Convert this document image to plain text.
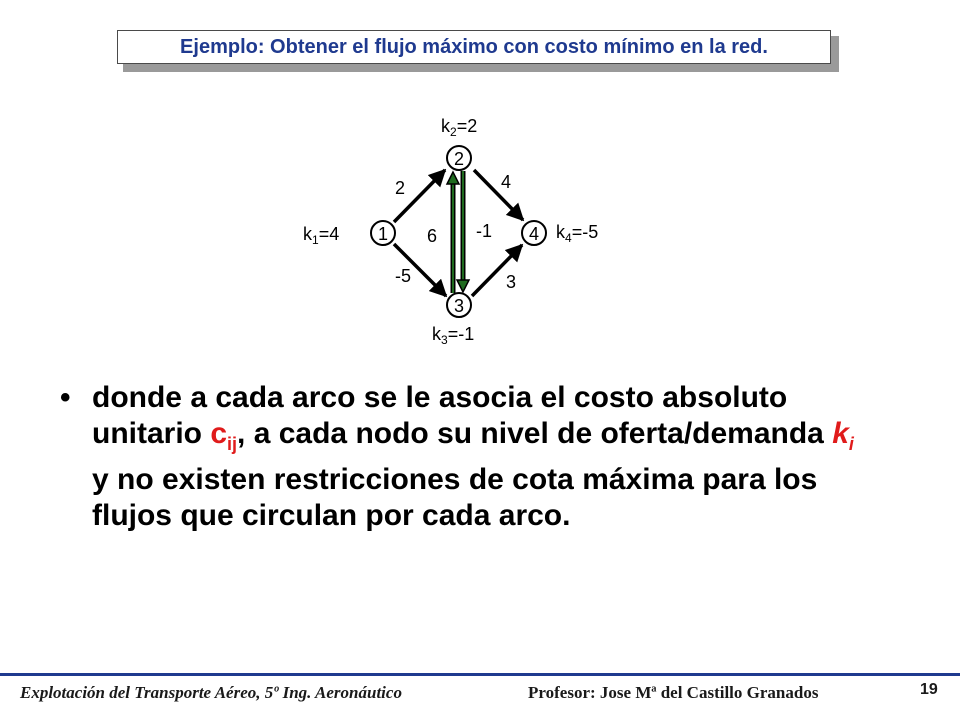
Ejemplo: Obtener el flujo máximo con costo mínimo en la red.
1
2
3
4
2
-5
4
3
6 -1
$k_1=4$
$k_2=2$
$k_3=-1$
$k_4=-5$
• donde a cada arco se le asocia el costo absoluto
unitario $c_{ij}$, a cada nodo su nivel de oferta/demanda $k_i$
y no existen restricciones de cota máxima para los
flujos que circulan por cada arco.
Explotación del Transporte Aéreo, 5º Ing. Aeronáutico	Profesor: Jose Mª del Castillo Granados	19
